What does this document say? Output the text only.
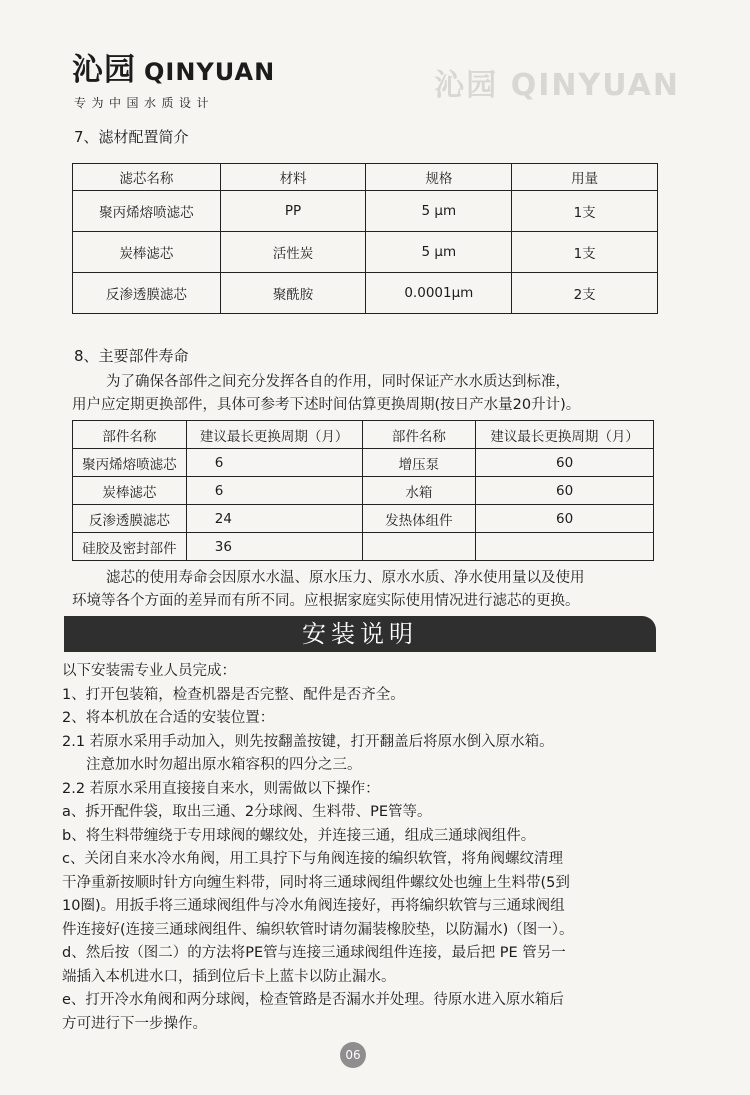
沁园 QINYUAN
沁园 QINYUAN
专为中国水质设计
7、滤材配置简介
滤芯名称	材料	规格	用量
聚丙烯熔喷滤芯	PP	5 μm	1支
炭棒滤芯	活性炭	5 μm	1支
反渗透膜滤芯	聚酰胺	0.0001μm	2支
8、主要部件寿命
为了确保各部件之间充分发挥各自的作用，同时保证产水水质达到标准，
用户应定期更换部件，具体可参考下述时间估算更换周期(按日产水量20升计)。
部件名称	建议最长更换周期（月）	部件名称	建议最长更换周期（月）
聚丙烯熔喷滤芯	6	增压泵	60
炭棒滤芯	6	水箱	60
反渗透膜滤芯	24	发热体组件	60
硅胶及密封部件	36		
滤芯的使用寿命会因原水水温、原水压力、原水水质、净水使用量以及使用
环境等各个方面的差异而有所不同。应根据家庭实际使用情况进行滤芯的更换。
安装说明
以下安装需专业人员完成：
1、打开包装箱，检查机器是否完整、配件是否齐全。
2、将本机放在合适的安装位置：
2.1 若原水采用手动加入，则先按翻盖按键，打开翻盖后将原水倒入原水箱。
注意加水时勿超出原水箱容积的四分之三。
2.2 若原水采用直接接自来水，则需做以下操作：
a、拆开配件袋，取出三通、2分球阀、生料带、PE管等。
b、将生料带缠绕于专用球阀的螺纹处，并连接三通，组成三通球阀组件。
c、关闭自来水冷水角阀，用工具拧下与角阀连接的编织软管，将角阀螺纹清理
干净重新按顺时针方向缠生料带，同时将三通球阀组件螺纹处也缠上生料带(5到
10圈)。用扳手将三通球阀组件与冷水角阀连接好，再将编织软管与三通球阀组
件连接好(连接三通球阀组件、编织软管时请勿漏装橡胶垫，以防漏水)（图一）。
d、然后按（图二）的方法将PE管与连接三通球阀组件连接，最后把 PE 管另一
端插入本机进水口，插到位后卡上蓝卡以防止漏水。
e、打开冷水角阀和两分球阀，检查管路是否漏水并处理。待原水进入原水箱后
方可进行下一步操作。
06
